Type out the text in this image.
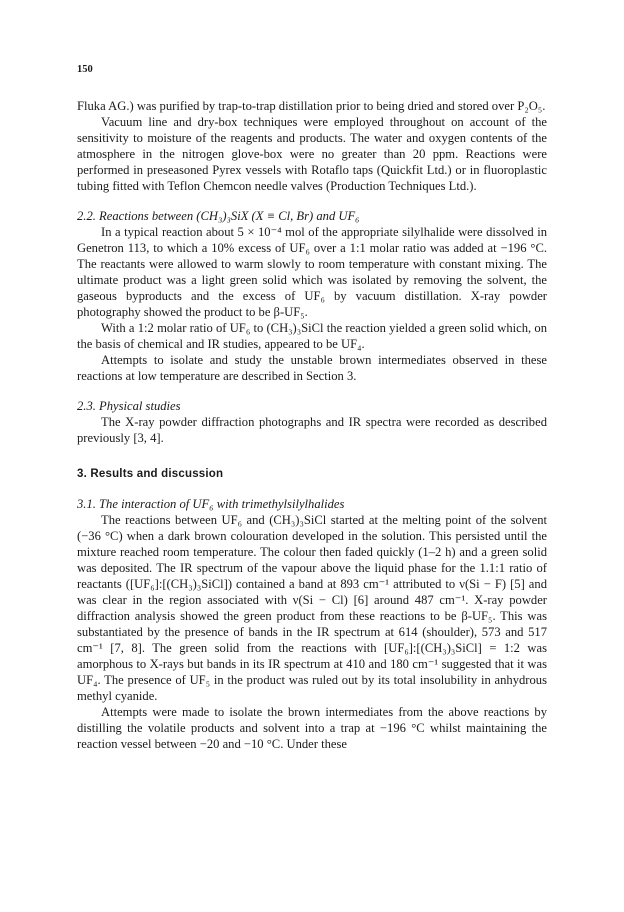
150

Fluka AG.) was purified by trap-to-trap distillation prior to being dried and stored over P₂O₅.

Vacuum line and dry-box techniques were employed throughout on account of the sensitivity to moisture of the reagents and products. The water and oxygen contents of the atmosphere in the nitrogen glove-box were no greater than 20 ppm. Reactions were performed in preseasoned Pyrex vessels with Rotaflo taps (Quickfit Ltd.) or in fluoroplastic tubing fitted with Teflon Chemcon needle valves (Production Techniques Ltd.).

2.2. Reactions between (CH₃)₃SiX (X ≡ Cl, Br) and UF₆

In a typical reaction about 5 × 10⁻⁴ mol of the appropriate silylhalide were dissolved in Genetron 113, to which a 10% excess of UF₆ over a 1:1 molar ratio was added at −196 °C. The reactants were allowed to warm slowly to room temperature with constant mixing. The ultimate product was a light green solid which was isolated by removing the solvent, the gaseous byproducts and the excess of UF₆ by vacuum distillation. X-ray powder photography showed the product to be β-UF₅.

With a 1:2 molar ratio of UF₆ to (CH₃)₃SiCl the reaction yielded a green solid which, on the basis of chemical and IR studies, appeared to be UF₄.

Attempts to isolate and study the unstable brown intermediates observed in these reactions at low temperature are described in Section 3.

2.3. Physical studies

The X-ray powder diffraction photographs and IR spectra were recorded as described previously [3, 4].

3. Results and discussion

3.1. The interaction of UF₆ with trimethylsilylhalides

The reactions between UF₆ and (CH₃)₃SiCl started at the melting point of the solvent (−36 °C) when a dark brown colouration developed in the solution. This persisted until the mixture reached room temperature. The colour then faded quickly (1–2 h) and a green solid was deposited. The IR spectrum of the vapour above the liquid phase for the 1.1:1 ratio of reactants ([UF₆]:[(CH₃)₃SiCl]) contained a band at 893 cm⁻¹ attributed to ν(Si − F) [5] and was clear in the region associated with ν(Si − Cl) [6] around 487 cm⁻¹. X-ray powder diffraction analysis showed the green product from these reactions to be β-UF₅. This was substantiated by the presence of bands in the IR spectrum at 614 (shoulder), 573 and 517 cm⁻¹ [7, 8]. The green solid from the reactions with [UF₆]:[(CH₃)₃SiCl] = 1:2 was amorphous to X-rays but bands in its IR spectrum at 410 and 180 cm⁻¹ suggested that it was UF₄. The presence of UF₅ in the product was ruled out by its total insolubility in anhydrous methyl cyanide.

Attempts were made to isolate the brown intermediates from the above reactions by distilling the volatile products and solvent into a trap at −196 °C whilst maintaining the reaction vessel between −20 and −10 °C. Under these
